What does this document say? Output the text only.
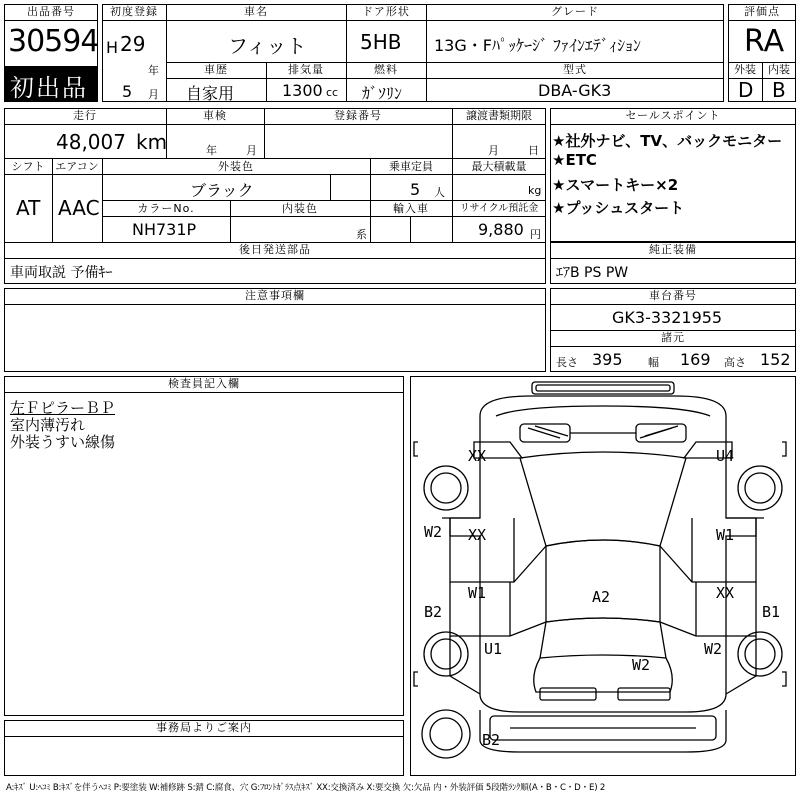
出品番号
30594
初出品
初度登録
H 29
年
5 月
車名
フィット
ドア形状
5HB
グレード
13G・Fﾊﾟｯｹｰｼﾞ ﾌｧｲﾝｴﾃﾞｨｼｮﾝ
車歴
自家用
排気量
1300 cc
燃料
ｶﾞｿﾘﾝ
型式
DBA-GK3
評価点
RA
外装	内装
D B
走行
48,007 km
車検
年	月
登録番号	譲渡書類期限
月	日
シフト
AT
エアコン
AAC
外装色
ブラック
乗車定員
5 人
最大積載量
kg
カラーNo.
NH731P
内装色
系
輸入車	リサイクル預託金
9,880 円
後日発送部品
車両取説 予備ｷｰ
セールスポイント
★社外ナビ、TV、バックモニター
★ETC
★スマートキー×2
★プッシュスタート
純正装備
ｴｱB PS PW
注意事項欄	車台番号
GK3-3321955
諸元
長さ 395 幅 169 高さ 152
検査員記入欄
左ＦピラーＢＰ
室内薄汚れ
外装うすい線傷
事務局よりご案内
XX	U4
W2 XX	W1
W1	A2	XX
B2	B1
U1	W2
W2
B2
A:ｷｽﾞ U:ﾍｺﾐ B:ｷｽﾞを伴うﾍｺﾐ P:要塗装 W:補修跡 S:錆 C:腐食、穴 G:ﾌﾛﾝﾄｶﾞﾗｽ点ｷｽﾞ XX:交換済み X:要交換 欠:欠品 内・外装評価 5段階ﾗﾝｸ順(A・B・C・D・E) 2
